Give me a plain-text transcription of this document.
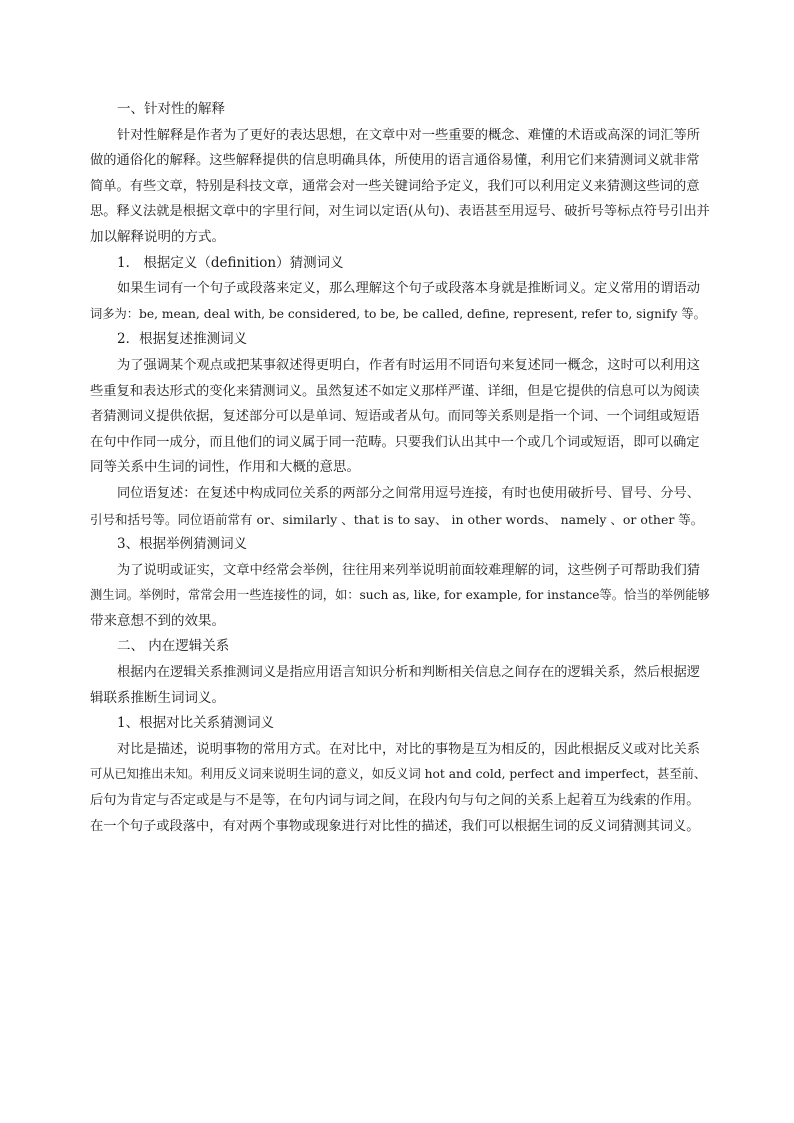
一、针对性的解释
针对性解释是作者为了更好的表达思想，在文章中对一些重要的概念、难懂的术语或高深的词汇等所
做的通俗化的解释。这些解释提供的信息明确具体，所使用的语言通俗易懂，利用它们来猜测词义就非常
简单。有些文章，特别是科技文章，通常会对一些关键词给予定义，我们可以利用定义来猜测这些词的意
思。释义法就是根据文章中的字里行间，对生词以定语(从句)、表语甚至用逗号、破折号等标点符号引出并
加以解释说明的方式。
1． 根据定义（definition）猜测词义
如果生词有一个句子或段落来定义，那么理解这个句子或段落本身就是推断词义。定义常用的谓语动
词多为：be, mean, deal with, be considered, to be, be called, define, represent, refer to, signify 等。
2．根据复述推测词义
为了强调某个观点或把某事叙述得更明白，作者有时运用不同语句来复述同一概念，这时可以利用这
些重复和表达形式的变化来猜测词义。虽然复述不如定义那样严谨、详细，但是它提供的信息可以为阅读
者猜测词义提供依据，复述部分可以是单词、短语或者从句。而同等关系则是指一个词、一个词组或短语
在句中作同一成分，而且他们的词义属于同一范畴。只要我们认出其中一个或几个词或短语，即可以确定
同等关系中生词的词性，作用和大概的意思。
同位语复述：在复述中构成同位关系的两部分之间常用逗号连接，有时也使用破折号、冒号、分号、
引号和括号等。同位语前常有 or、similarly 、that is to say、 in other words、 namely 、or other 等。
3、根据举例猜测词义
为了说明或证实，文章中经常会举例，往往用来列举说明前面较难理解的词，这些例子可帮助我们猜
测生词。举例时，常常会用一些连接性的词，如：such as, like, for example, for instance等。恰当的举例能够
带来意想不到的效果。
二、 内在逻辑关系
根据内在逻辑关系推测词义是指应用语言知识分析和判断相关信息之间存在的逻辑关系，然后根据逻
辑联系推断生词词义。
1、根据对比关系猜测词义
对比是描述，说明事物的常用方式。在对比中，对比的事物是互为相反的，因此根据反义或对比关系
可从已知推出未知。利用反义词来说明生词的意义，如反义词 hot and cold, perfect and imperfect，甚至前、
后句为肯定与否定或是与不是等，在句内词与词之间，在段内句与句之间的关系上起着互为线索的作用。
在一个句子或段落中，有对两个事物或现象进行对比性的描述，我们可以根据生词的反义词猜测其词义。
